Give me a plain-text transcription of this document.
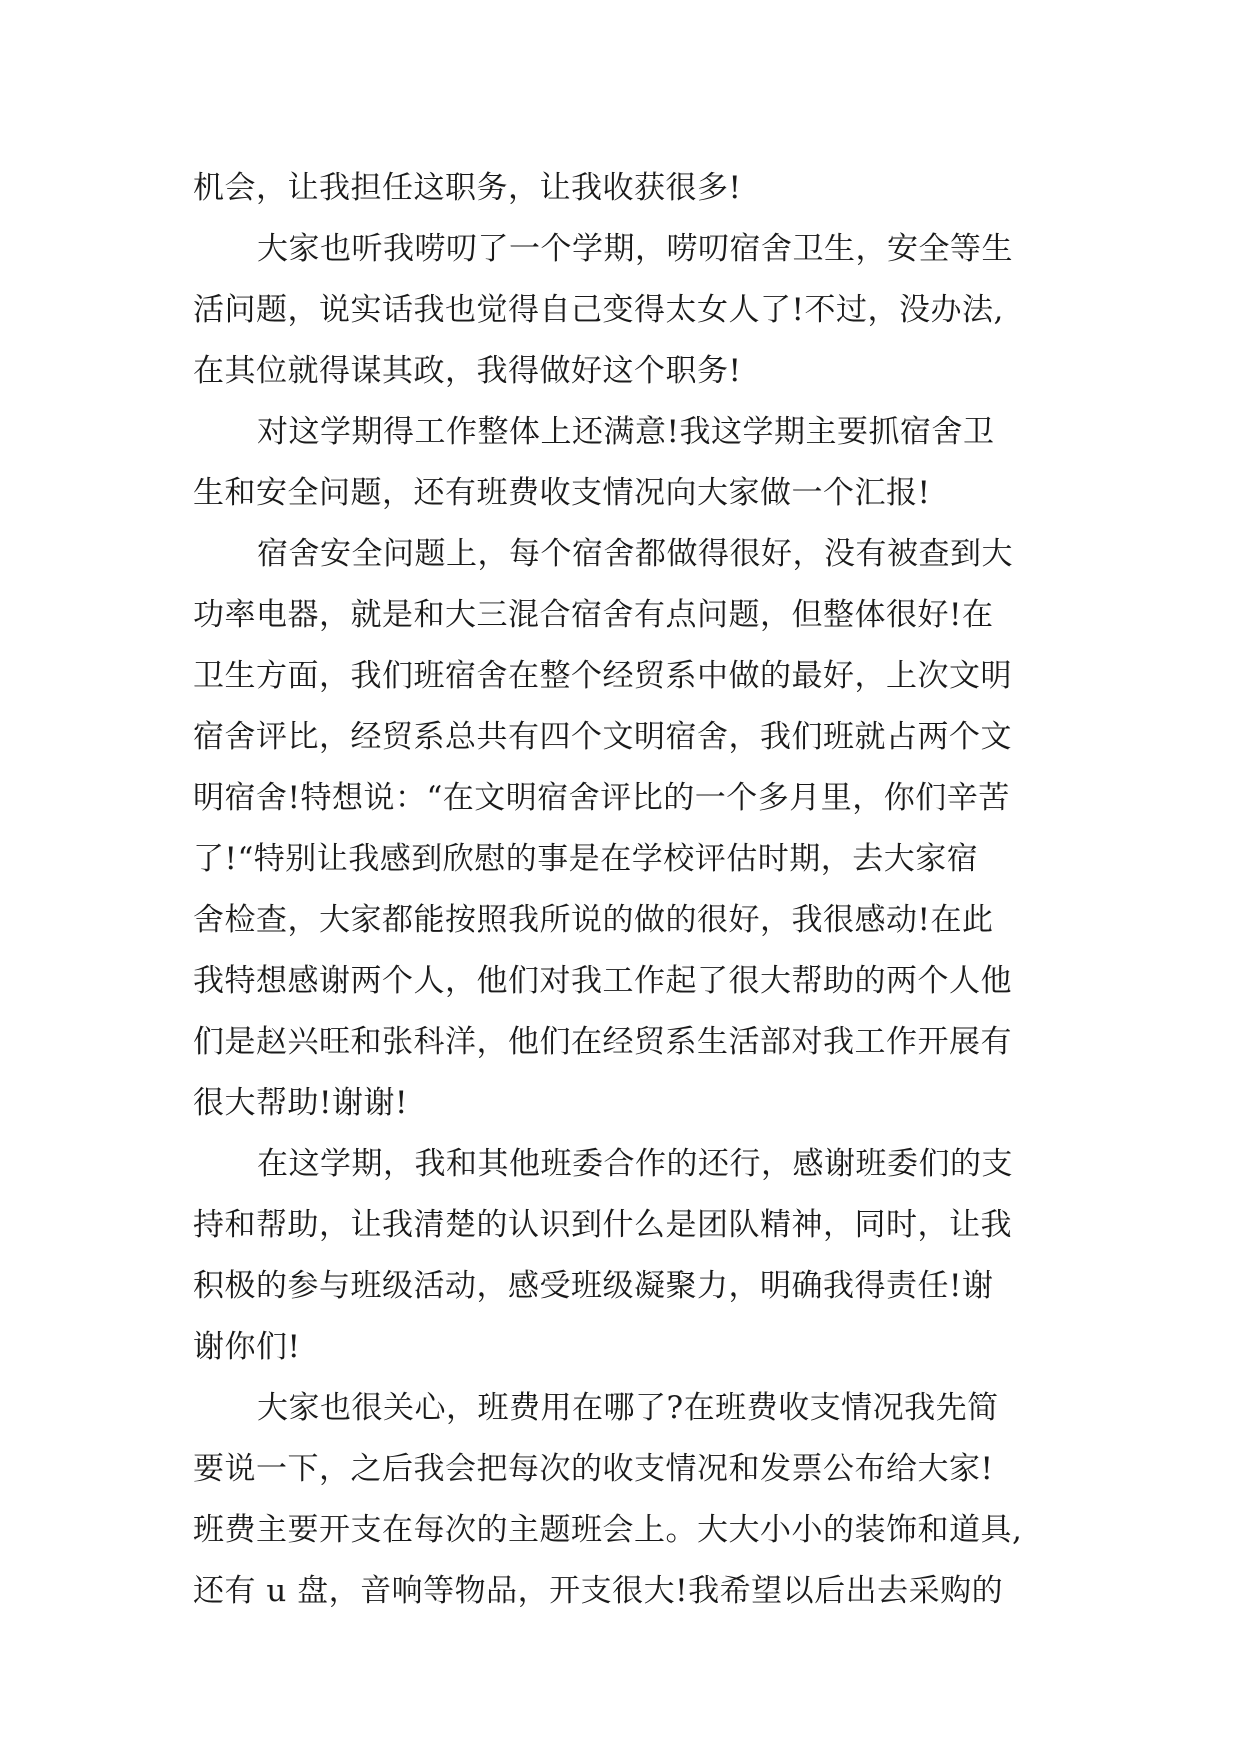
机会，让我担任这职务，让我收获很多!
大家也听我唠叨了一个学期，唠叨宿舍卫生，安全等生
活问题，说实话我也觉得自己变得太女人了!不过，没办法,
在其位就得谋其政，我得做好这个职务!
对这学期得工作整体上还满意!我这学期主要抓宿舍卫
生和安全问题，还有班费收支情况向大家做一个汇报!
宿舍安全问题上，每个宿舍都做得很好，没有被查到大
功率电器，就是和大三混合宿舍有点问题，但整体很好!在
卫生方面，我们班宿舍在整个经贸系中做的最好，上次文明
宿舍评比，经贸系总共有四个文明宿舍，我们班就占两个文
明宿舍!特想说：“在文明宿舍评比的一个多月里，你们辛苦
了!“特别让我感到欣慰的事是在学校评估时期，去大家宿
舍检查，大家都能按照我所说的做的很好，我很感动!在此
我特想感谢两个人，他们对我工作起了很大帮助的两个人他
们是赵兴旺和张科洋，他们在经贸系生活部对我工作开展有
很大帮助!谢谢!
在这学期，我和其他班委合作的还行，感谢班委们的支
持和帮助，让我清楚的认识到什么是团队精神，同时，让我
积极的参与班级活动，感受班级凝聚力，明确我得责任!谢
谢你们!
大家也很关心，班费用在哪了?在班费收支情况我先简
要说一下，之后我会把每次的收支情况和发票公布给大家!
班费主要开支在每次的主题班会上。大大小小的装饰和道具,
还有 u 盘，音响等物品，开支很大!我希望以后出去采购的
